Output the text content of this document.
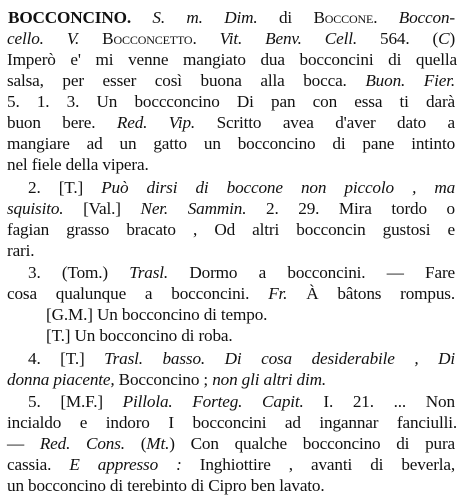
BOCCONCINO. S. m. Dim. di Boccone. Boccon-
cello. V. Bocconcetto. Vit. Benv. Cell. 564. (C)
Imperò e' mi venne mangiato dua bocconcini di quella
salsa, per esser così buona alla bocca. Buon. Fier.
5. 1. 3. Un boccconcino Di pan con essa ti darà
buon bere. Red. Vip. Scritto avea d'aver dato a
mangiare ad un gatto un bocconcino di pane intinto
nel fiele della vipera.
2. [T.] Può dirsi di boccone non piccolo , ma
squisito. [Val.] Ner. Sammin. 2. 29. Mira tordo o
fagian grasso bracato , Od altri bocconcin gustosi e
rari.
3. (Tom.) Trasl. Dormo a bocconcini. — Fare
cosa qualunque a bocconcini. Fr. À bâtons rompus.
[G.M.] Un bocconcino di tempo.
[T.] Un bocconcino di roba.
4. [T.] Trasl. basso. Di cosa desiderabile , Di
donna piacente, Bocconcino ; non gli altri dim.
5. [M.F.] Pillola. Forteg. Capit. I. 21. ... Non
incialdo e indoro I bocconcini ad ingannar fanciulli.
— Red. Cons. (Mt.) Con qualche bocconcino di pura
cassia. E appresso : Inghiottire , avanti di beverla,
un bocconcino di terebinto di Cipro ben lavato.
